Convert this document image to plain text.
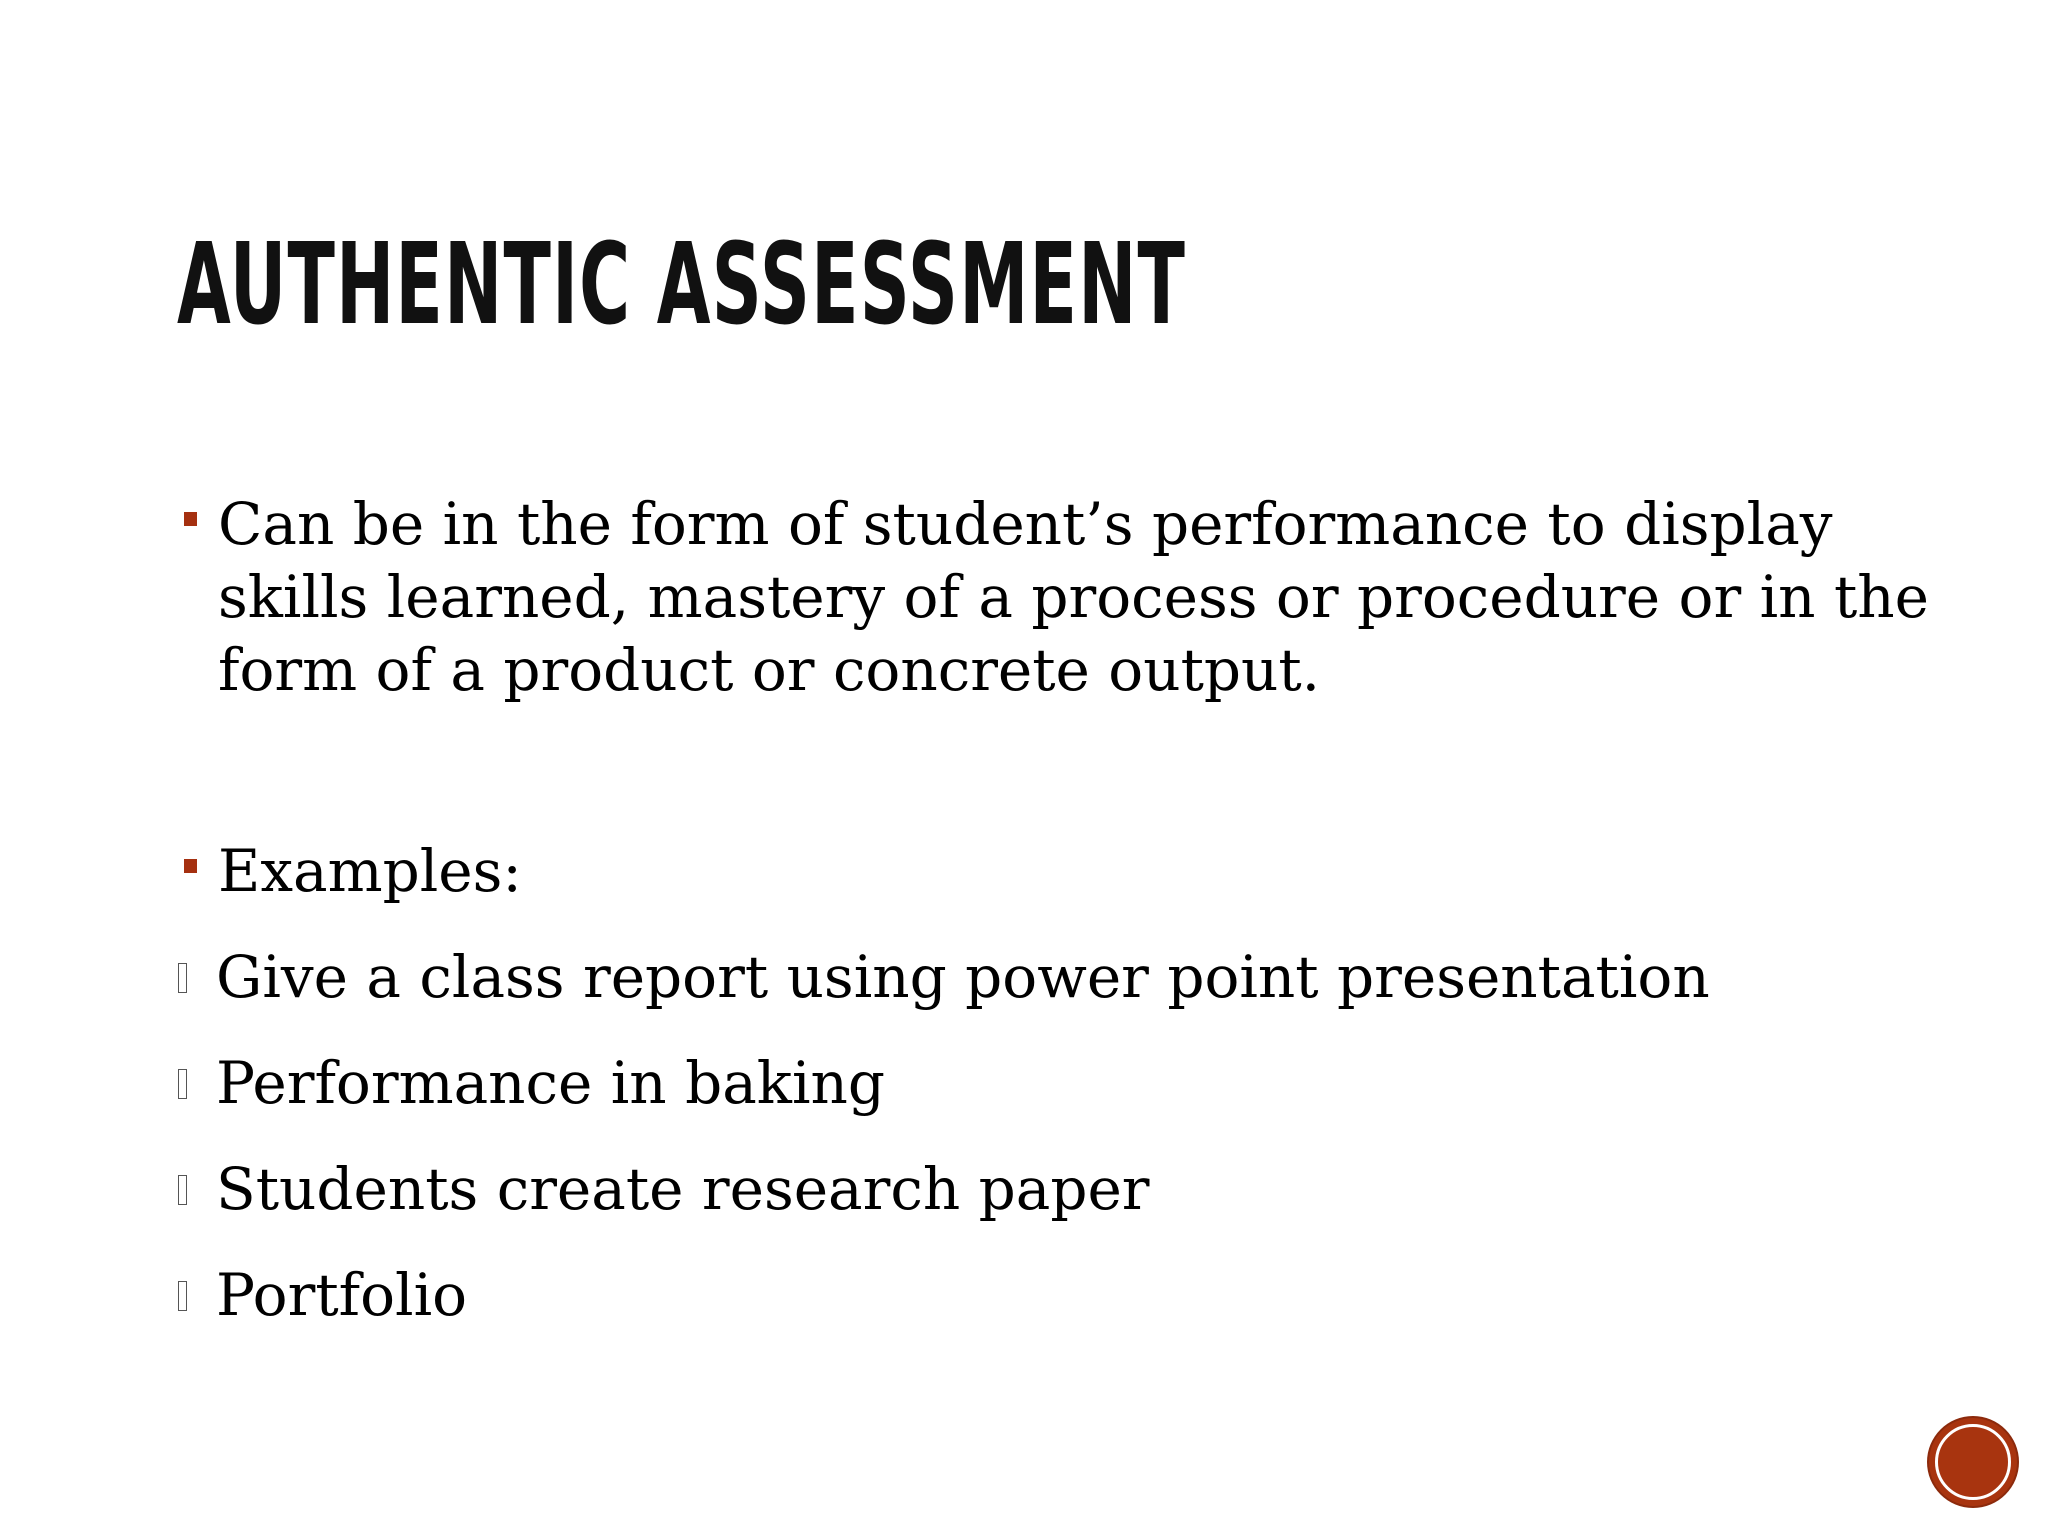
AUTHENTIC ASSESSMENT
Can be in the form of student’s performance to display skills learned, mastery of a process or procedure or in the form of a product or concrete output.
Examples:
Give a class report using power point presentation
Performance in baking
Students create research paper
Portfolio
